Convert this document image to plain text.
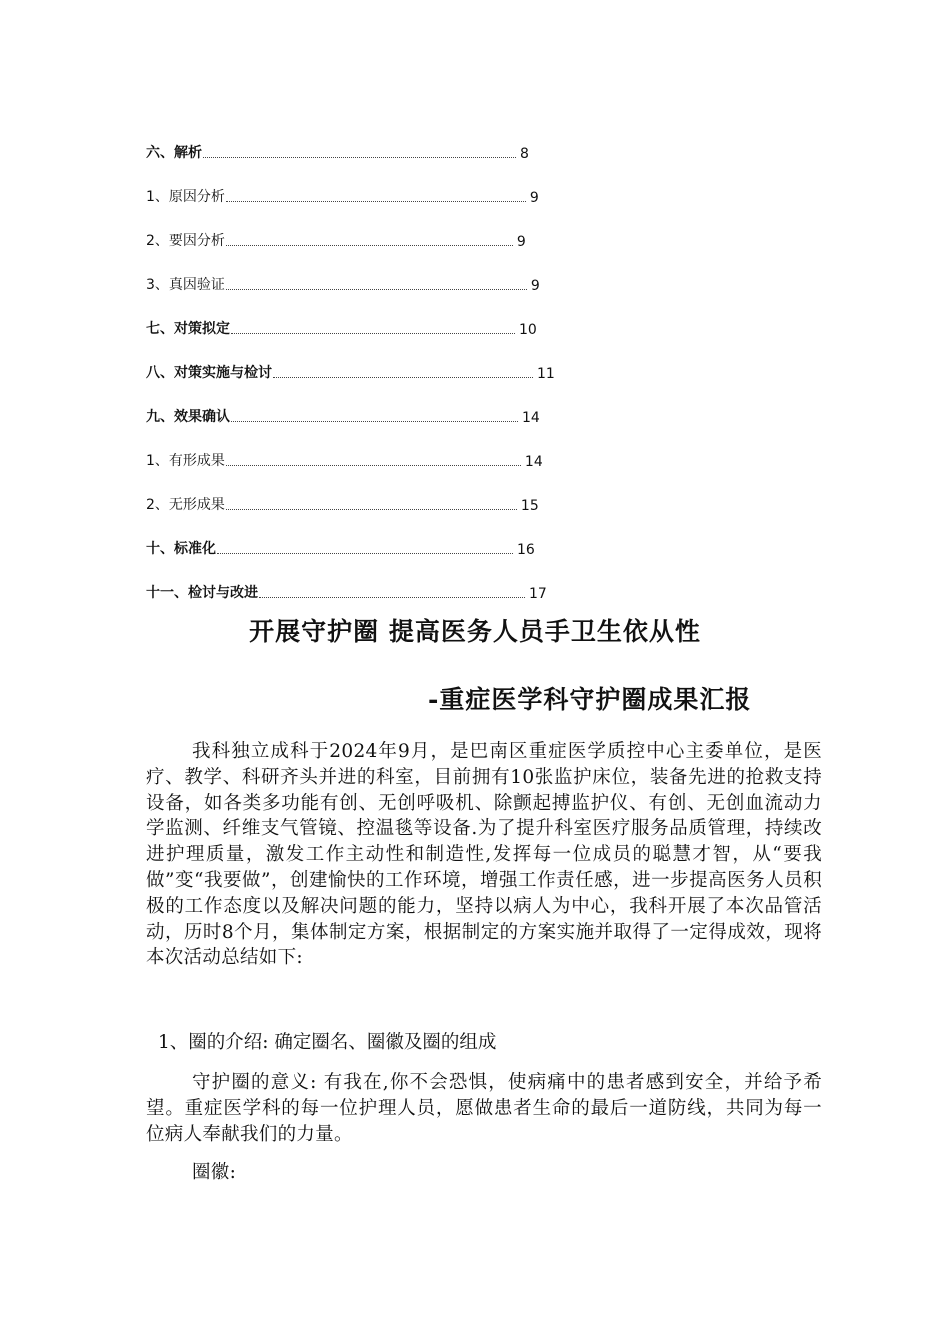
六、解析	8
1、原因分析	9
2、要因分析	9
3、真因验证	9
七、对策拟定	10
八、对策实施与检讨	11
九、效果确认	14
1、有形成果	14
2、无形成果	15
十、标准化	16
十一、检讨与改进	17
开展守护圈 提高医务人员手卫生依从性
-重症医学科守护圈成果汇报
我科独立成科于2024年9月，是巴南区重症医学质控中心主委单位，是医疗、教学、科研齐头并进的科室，目前拥有10张监护床位，装备先进的抢救支持设备，如各类多功能有创、无创呼吸机、除颤起搏监护仪、有创、无创血流动力学监测、纤维支气管镜、控温毯等设备.为了提升科室医疗服务品质管理，持续改进护理质量，激发工作主动性和制造性,发挥每一位成员的聪慧才智，从“要我做”变“我要做”，创建愉快的工作环境，增强工作责任感，进一步提高医务人员积极的工作态度以及解决问题的能力，坚持以病人为中心，我科开展了本次品管活动，历时8个月，集体制定方案，根据制定的方案实施并取得了一定得成效，现将本次活动总结如下:
1、圈的介绍: 确定圈名、圈徽及圈的组成
守护圈的意义: 有我在,你不会恐惧，使病痛中的患者感到安全，并给予希望。重症医学科的每一位护理人员，愿做患者生命的最后一道防线，共同为每一位病人奉献我们的力量。
圈徽:
